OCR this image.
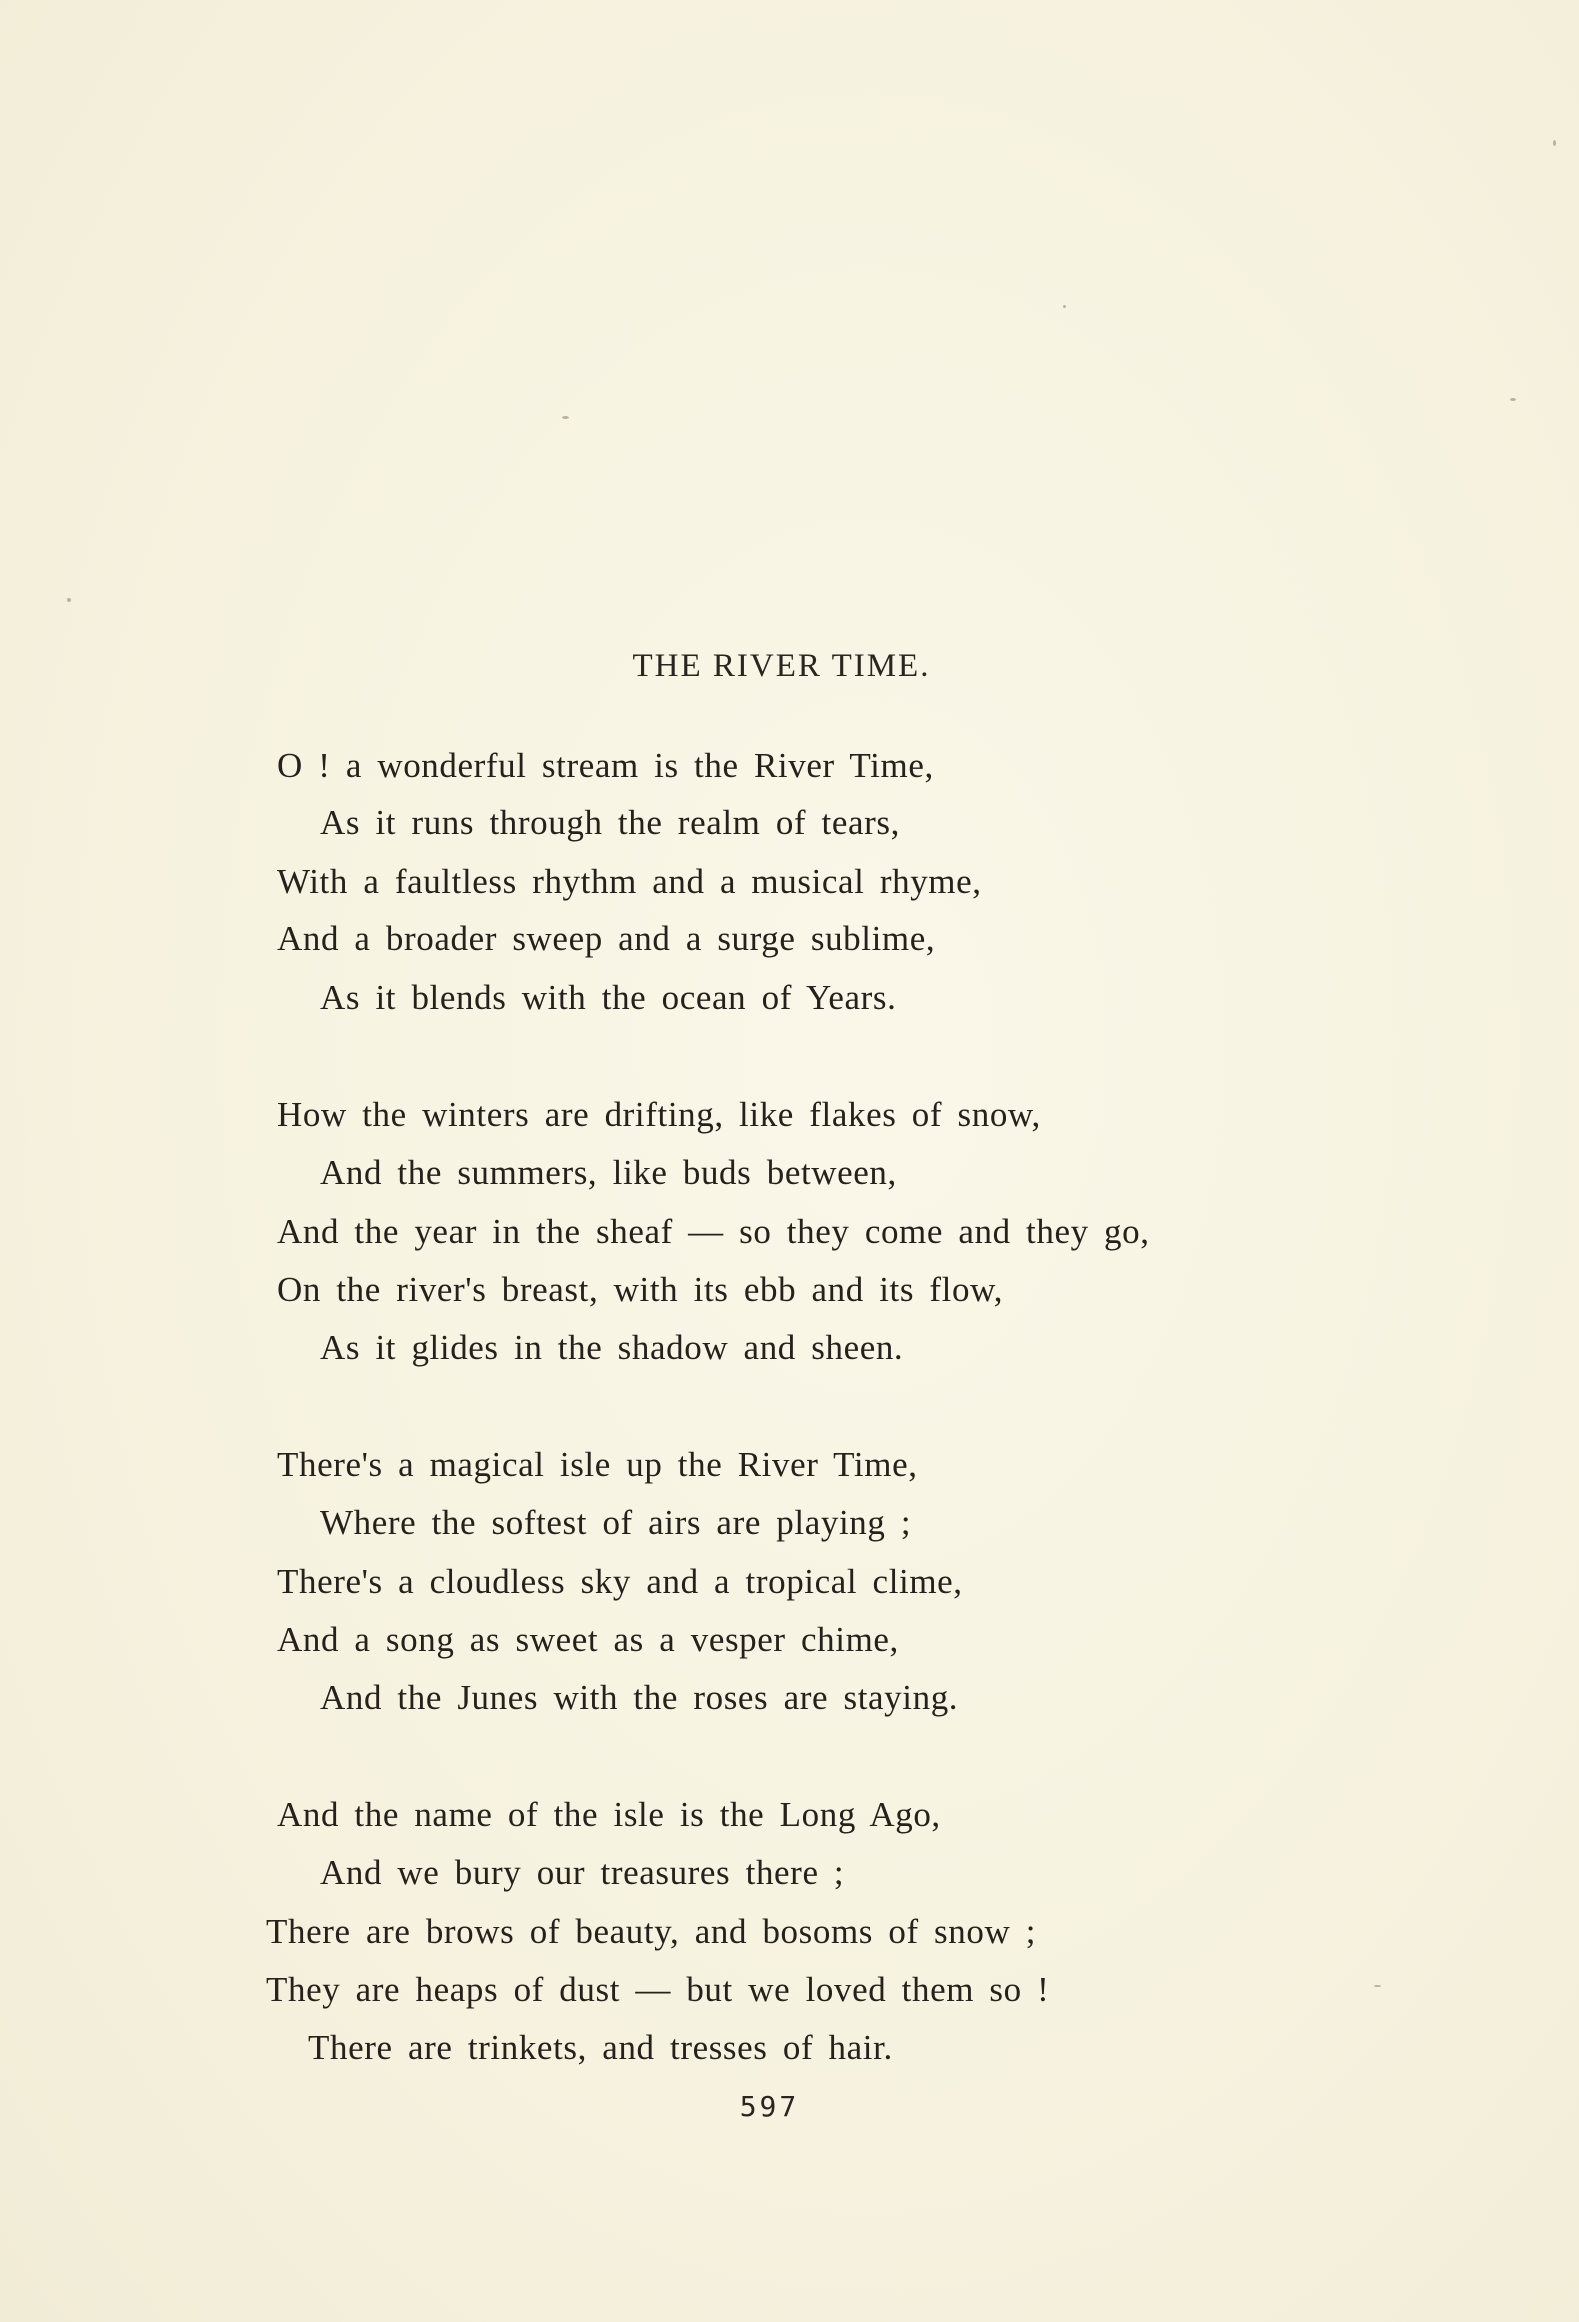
THE RIVER TIME.
O ! a wonderful stream is the River Time,
As it runs through the realm of tears,
With a faultless rhythm and a musical rhyme,
And a broader sweep and a surge sublime,
As it blends with the ocean of Years.
How the winters are drifting, like flakes of snow,
And the summers, like buds between,
And the year in the sheaf — so they come and they go,
On the river's breast, with its ebb and its flow,
As it glides in the shadow and sheen.
There's a magical isle up the River Time,
Where the softest of airs are playing ;
There's a cloudless sky and a tropical clime,
And a song as sweet as a vesper chime,
And the Junes with the roses are staying.
And the name of the isle is the Long Ago,
And we bury our treasures there ;
There are brows of beauty, and bosoms of snow ;
They are heaps of dust — but we loved them so !
There are trinkets, and tresses of hair.
597
